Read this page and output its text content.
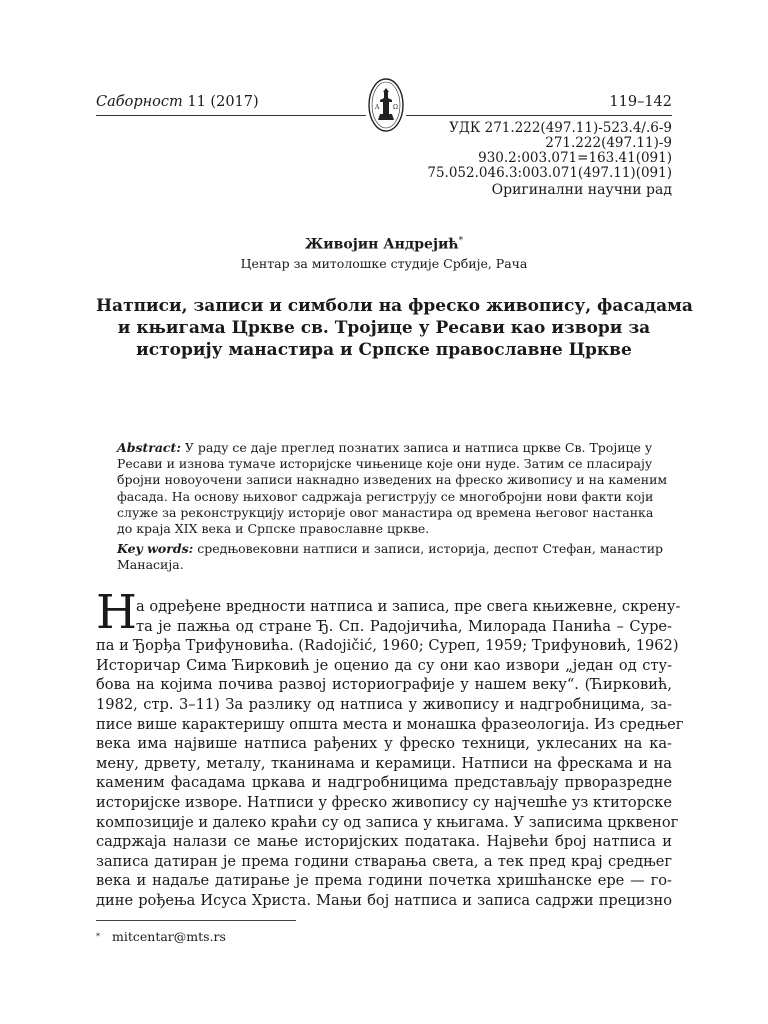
Саборност 11 (2017)	119–142
A Ω
УДК 271.222(497.11)-523.4/.6-9
271.222(497.11)-9
930.2:003.071=163.41(091)
75.052.046.3:003.071(497.11)(091)
Оригинални научни рад
Живојин Андрејић*
Центар за митолошке студије Србије, Рача
Натписи, записи и симболи на фреско живопису, фасадама
и књигама Цркве св. Тројице у Ресави као извори за
историју манастира и Српске православне Цркве
Abstract: У раду се даје преглед познатих записа и натписа цркве Св. Тројице у
Ресави и изнова тумаче историјске чињенице које они нуде. Затим се пласирају
бројни новоуочени записи накнадно изведених на фреско живопису и на каменим
фасада. На основу њиховог садржаја региструју се многобројни нови факти који
служе за реконструкцију историје овог манастира од времена његовог настанка
до краја XIX века и Српске православне цркве.
Key words: средњовековни натписи и записи, историја, деспот Стефан, манастир
Манасија.
Н а одређене вредности натписа и записа, пре свега књижевне, скрену-
та је пажња од стране Ђ. Сп. Радојичића, Милорада Панића – Суре-
па и Ђорђа Трифуновића. (Radojičić, 1960; Суреп, 1959; Трифуновић, 1962)
Историчар Сима Ћирковић је оценио да су они као извори „један од сту-
бова на којима почива развој историографије у нашем веку“. (Ћирковић,
1982, стр. 3–11) За разлику од натписа у живопису и надгробницима, за-
писе више карактеришу општа места и монашка фразеологија. Из средњег
века има највише натписа рађених у фреско техници, уклесаних на ка-
мену, дрвету, металу, тканинама и керамици. Натписи на фрескама и на
каменим фасадама цркава и надгробницима представљају прворазредне
историјске изворе. Натписи у фреско живопису су најчешће уз ктиторске
композиције и далеко краћи су од записа у књигама. У записима црквеног
садржаја налази се мање историјских података. Највећи број натписа и
записа датиран је према години стварања света, а тек пред крај средњег
века и надаље датирање је према години почетка хришћанске ере — го-
дине рођења Исуса Христа. Мањи бој натписа и записа садржи прецизно
* mitcentar@mts.rs
